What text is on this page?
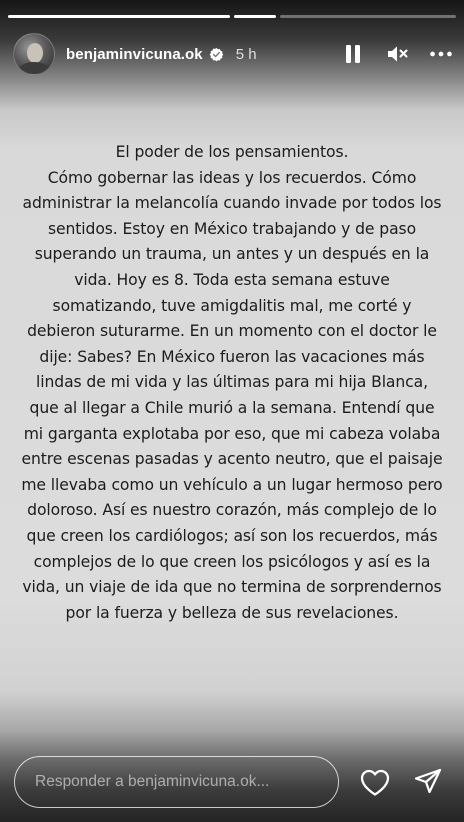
benjaminvicuna.ok 5 h

El poder de los pensamientos.

Cómo gobernar las ideas y los recuerdos. Cómo administrar la melancolía cuando invade por todos los sentidos. Estoy en México trabajando y de paso superando un trauma, un antes y un después en la vida. Hoy es 8. Toda esta semana estuve somatizando, tuve amigdalitis mal, me corté y debieron suturarme. En un momento con el doctor le dije: Sabes? En México fueron las vacaciones más lindas de mi vida y las últimas para mi hija Blanca, que al llegar a Chile murió a la semana. Entendí que mi garganta explotaba por eso, que mi cabeza volaba entre escenas pasadas y acento neutro, que el paisaje me llevaba como un vehículo a un lugar hermoso pero doloroso. Así es nuestro corazón, más complejo de lo que creen los cardiólogos; así son los recuerdos, más complejos de lo que creen los psicólogos y así es la vida, un viaje de ida que no termina de sorprendernos por la fuerza y belleza de sus revelaciones.

Responder a benjaminvicuna.ok...
